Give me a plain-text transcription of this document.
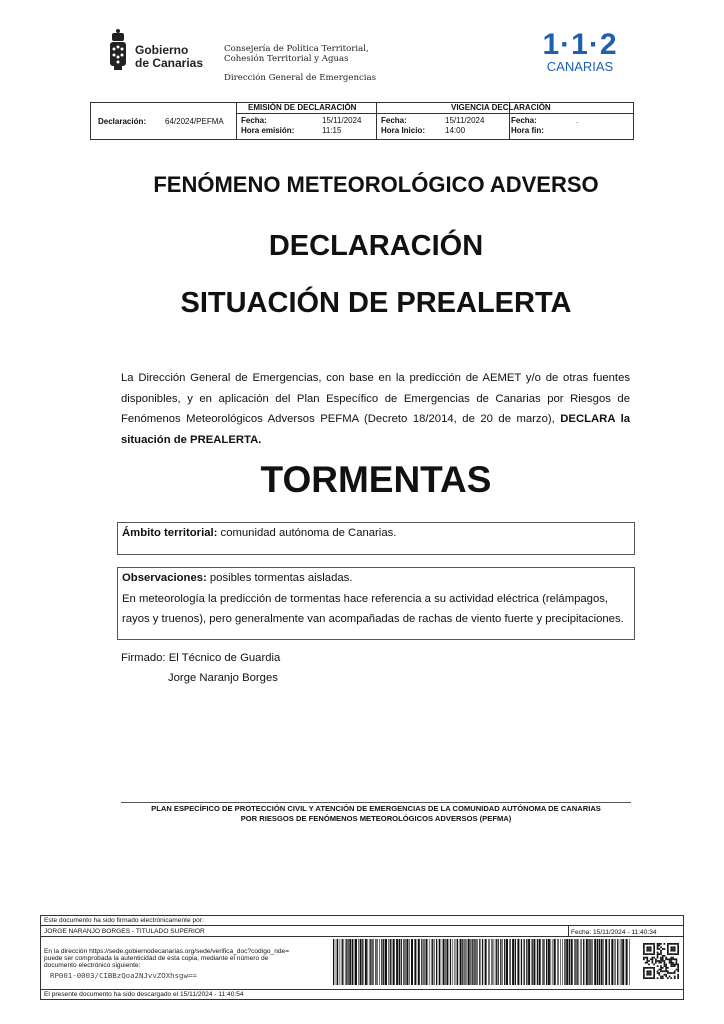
Gobierno
de Canarias
Consejería de Política Territorial,
Cohesión Territorial y Aguas
Dirección General de Emergencias
1·1·2
CANARIAS
Declaración: 64/2024/PEFMA
EMISIÓN DE DECLARACIÓN	VIGENCIA DECLARACIÓN
Fecha:	15/11/2024
Hora emisión:	11:15
Fecha:	15/11/2024
Hora Inicio: 14:00
Fecha:	.
Hora fin:
FENÓMENO METEOROLÓGICO ADVERSO
DECLARACIÓN
SITUACIÓN DE PREALERTA
La Dirección General de Emergencias, con base en la predicción de AEMET y/o de otras fuentes disponibles, y en aplicación del Plan Específico de Emergencias de Canarias por Riesgos de Fenómenos Meteorológicos Adversos PEFMA (Decreto 18/2014, de 20 de marzo), DECLARA la situación de PREALERTA.
TORMENTAS
Ámbito territorial: comunidad autónoma de Canarias.
Observaciones: posibles tormentas aisladas.
En meteorología la predicción de tormentas hace referencia a su actividad eléctrica (relámpagos,
rayos y truenos), pero generalmente van acompañadas de rachas de viento fuerte y precipitaciones.
Firmado: El Técnico de Guardia
Jorge Naranjo Borges
PLAN ESPECÍFICO DE PROTECCIÓN CIVIL Y ATENCIÓN DE EMERGENCIAS DE LA COMUNIDAD AUTÓNOMA DE CANARIAS
POR RIESGOS DE FENÓMENOS METEOROLÓGICOS ADVERSOS (PEFMA)
Este documento ha sido firmado electrónicamente por:
JORGE NARANJO BORGES - TITULADO SUPERIOR	Fecha: 15/11/2024 - 11:40:34
En la dirección https://sede.gobiernodecanarias.org/sede/verifica_doc?codigo_nde=
puede ser comprobada la autenticidad de esta copia, mediante el número de
documento electrónico siguiente:
RP001-0003/CIBBzQoa2NJvvZOXhsgw==
El presente documento ha sido descargado el 15/11/2024 - 11:40:54
